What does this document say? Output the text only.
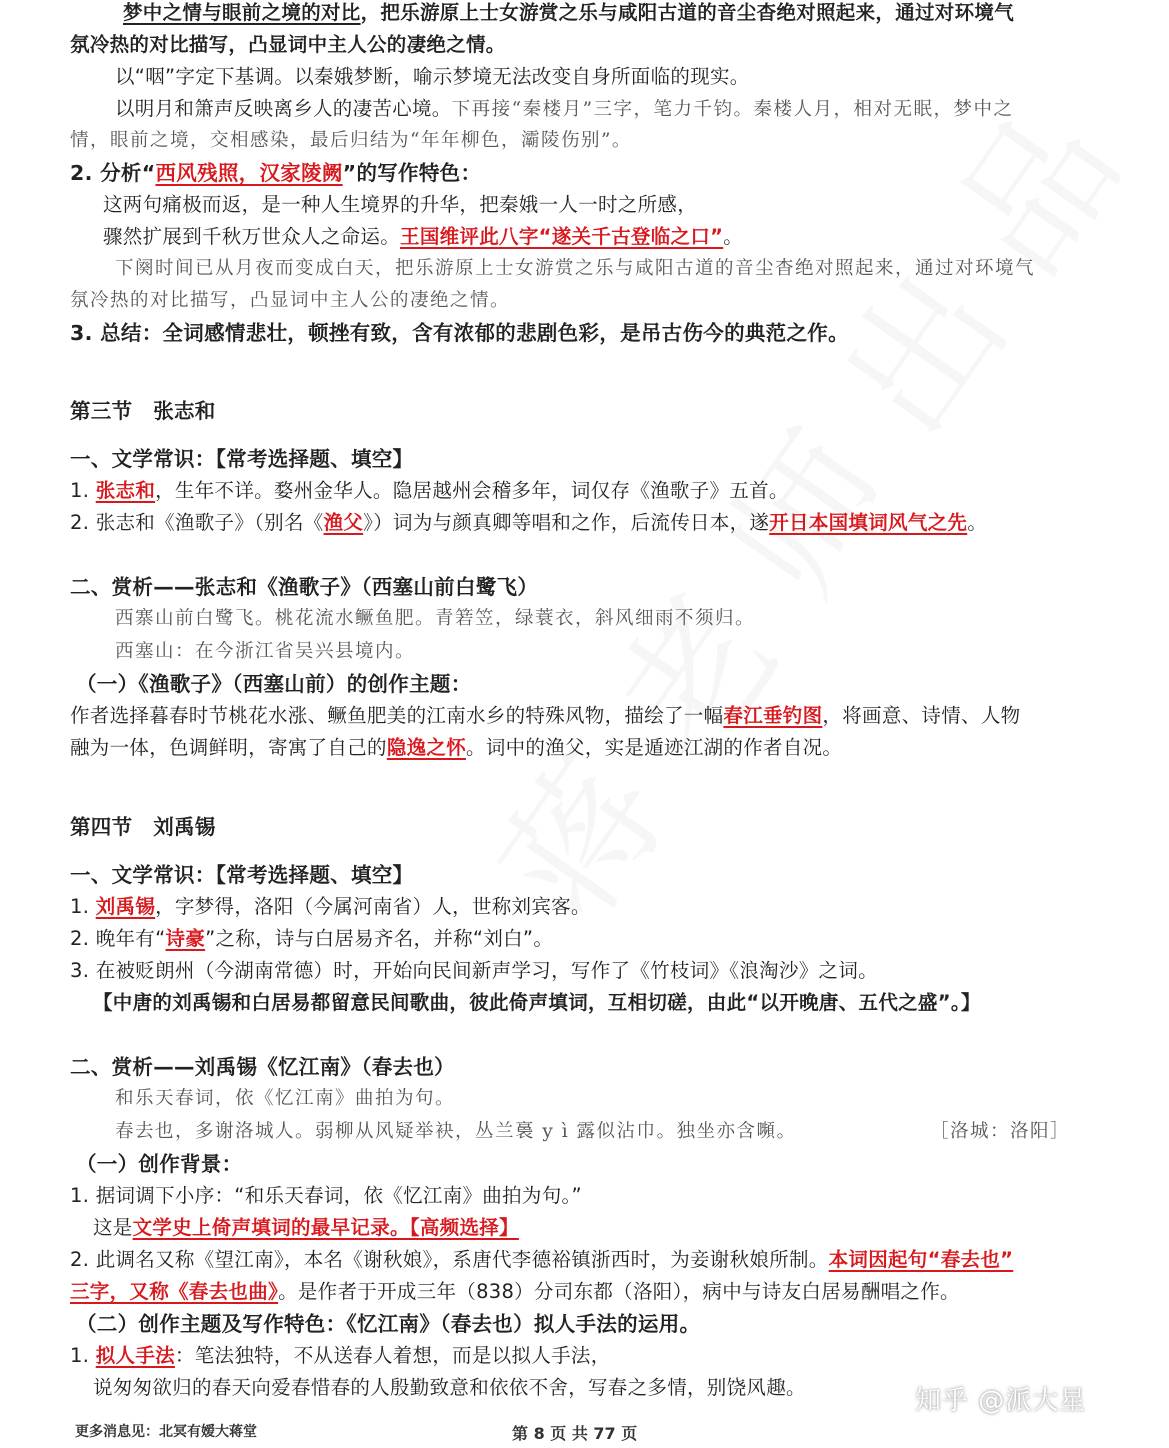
梦中之情与眼前之境的对比，把乐游原上士女游赏之乐与咸阳古道的音尘杳绝对照起来，通过对环境气
氛冷热的对比描写，凸显词中主人公的凄绝之情。
以“咽”字定下基调。以秦娥梦断，喻示梦境无法改变自身所面临的现实。
以明月和箫声反映离乡人的凄苦心境。下再接“秦楼月”三字，笔力千钧。秦楼人月，相对无眠，梦中之
情，眼前之境，交相感染，最后归结为“年年柳色，灞陵伤别”。
2. 分析“西风残照，汉家陵阙”的写作特色：
这两句痛极而返，是一种人生境界的升华，把秦娥一人一时之所感，
骤然扩展到千秋万世众人之命运。王国维评此八字“遂关千古登临之口”。
下阕时间已从月夜而变成白天，把乐游原上士女游赏之乐与咸阳古道的音尘杳绝对照起来，通过对环境气
氛冷热的对比描写，凸显词中主人公的凄绝之情。
3. 总结：全词感情悲壮，顿挫有致，含有浓郁的悲剧色彩，是吊古伤今的典范之作。
第三节　张志和
一、文学常识：【常考选择题、填空】
1. 张志和，生年不详。婺州金华人。隐居越州会稽多年，词仅存《渔歌子》五首。
2. 张志和《渔歌子》（别名《渔父》）词为与颜真卿等唱和之作，后流传日本，遂开日本国填词风气之先。
二、赏析——张志和《渔歌子》（西塞山前白鹭飞）
西寨山前白鹭飞。桃花流水鳜鱼肥。青箬笠，绿蓑衣，斜风细雨不须归。
西塞山：在今浙江省吴兴县境内。
（一）《渔歌子》（西塞山前）的创作主题：
作者选择暮春时节桃花水涨、鳜鱼肥美的江南水乡的特殊风物，描绘了一幅春江垂钓图，将画意、诗情、人物
融为一体，色调鲜明，寄寓了自己的隐逸之怀。词中的渔父，实是遁迹江湖的作者自况。
第四节　刘禹锡
一、文学常识：【常考选择题、填空】
1. 刘禹锡，字梦得，洛阳（今属河南省）人，世称刘宾客。
2. 晚年有“诗豪”之称，诗与白居易齐名，并称“刘白”。
3. 在被贬朗州（今湖南常德）时，开始向民间新声学习，写作了《竹枝词》《浪淘沙》之词。
【中唐的刘禹锡和白居易都留意民间歌曲，彼此倚声填词，互相切磋，由此“以开晚唐、五代之盛”。】
二、赏析——刘禹锡《忆江南》（春去也）
和乐天春词，依《忆江南》曲拍为句。
春去也，多谢洛城人。弱柳从风疑举袂，丛兰裛 y ì 露似沾巾。独坐亦含嚬。	［洛城：洛阳］
（一）创作背景：
1. 据词调下小序：“和乐天春词，依《忆江南》曲拍为句。”
这是文学史上倚声填词的最早记录。【高频选择】
2. 此调名又称《望江南》，本名《谢秋娘》，系唐代李德裕镇浙西时，为妾谢秋娘所制。本词因起句“春去也”
三字，又称《春去也曲》。是作者于开成三年（838）分司东都（洛阳），病中与诗友白居易酬唱之作。
（二）创作主题及写作特色：《忆江南》（春去也）拟人手法的运用。
1. 拟人手法：笔法独特，不从送春人着想，而是以拟人手法，
说匆匆欲归的春天向爱春惜春的人殷勤致意和依依不舍，写春之多情，别饶风趣。	知乎 @派大星
更多消息见：北冥有嫒大蒋堂	第 8 页 共 77 页
